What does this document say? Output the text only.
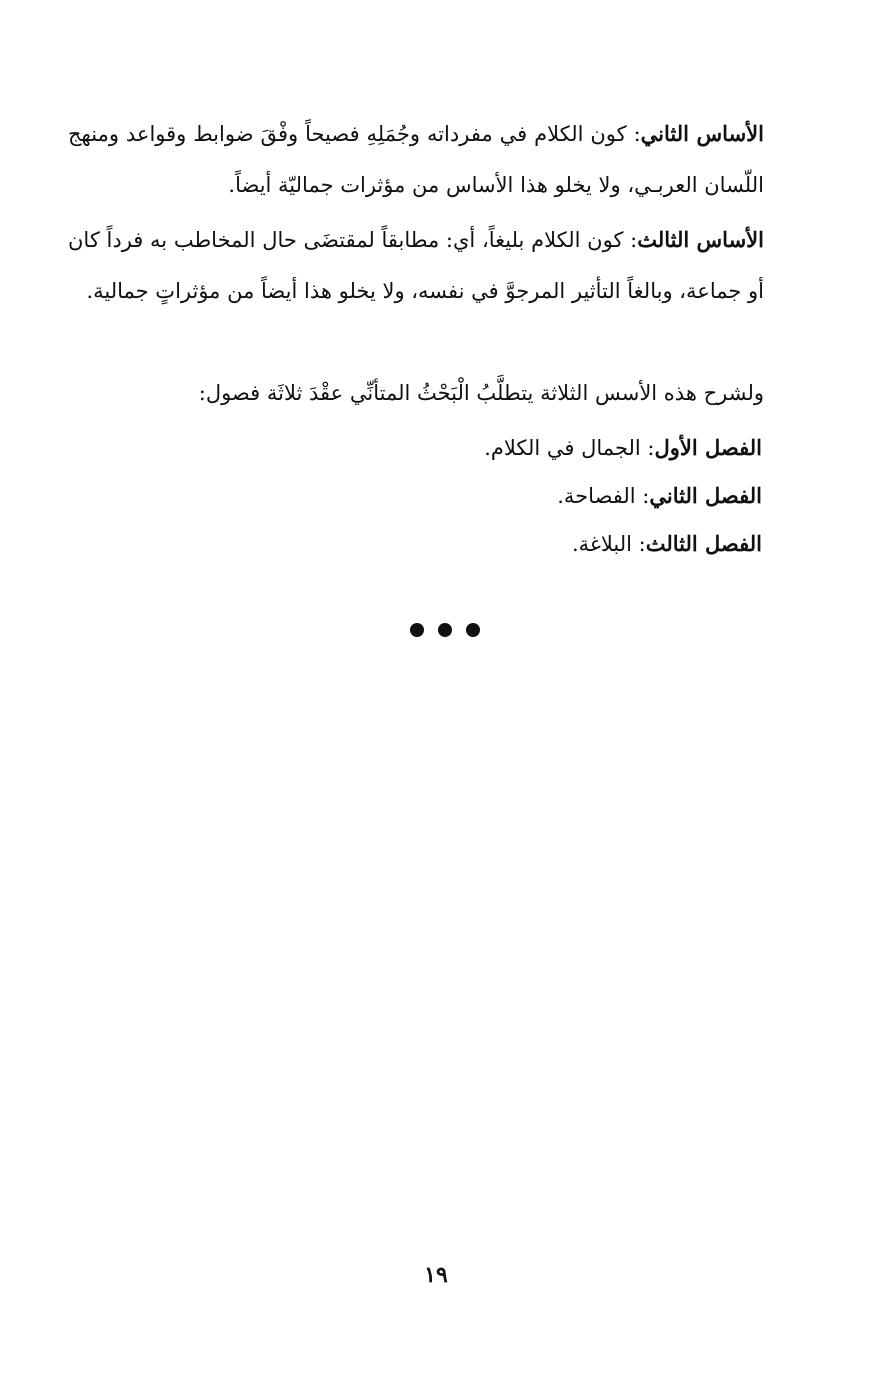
الأساس الثاني: كون الكلام في مفرداته وجُمَلِهِ فصيحاً وفْقَ ضوابط وقواعد ومنهج اللّسان العربـي، ولا يخلو هذا الأساس من مؤثرات جماليّة أيضاً.

الأساس الثالث: كون الكلام بليغاً، أي: مطابقاً لمقتضَى حال المخاطب به فرداً كان أو جماعة، وبالغاً التأثير المرجوَّ في نفسه، ولا يخلو هذا أيضاً من مؤثراتٍ جمالية.

ولشرح هذه الأسس الثلاثة يتطلَّبُ الْبَحْثُ المتأنِّي عقْدَ ثلاثَة فصول:

الفصل الأول: الجمال في الكلام.
الفصل الثاني: الفصاحة.
الفصل الثالث: البلاغة.
١٩
